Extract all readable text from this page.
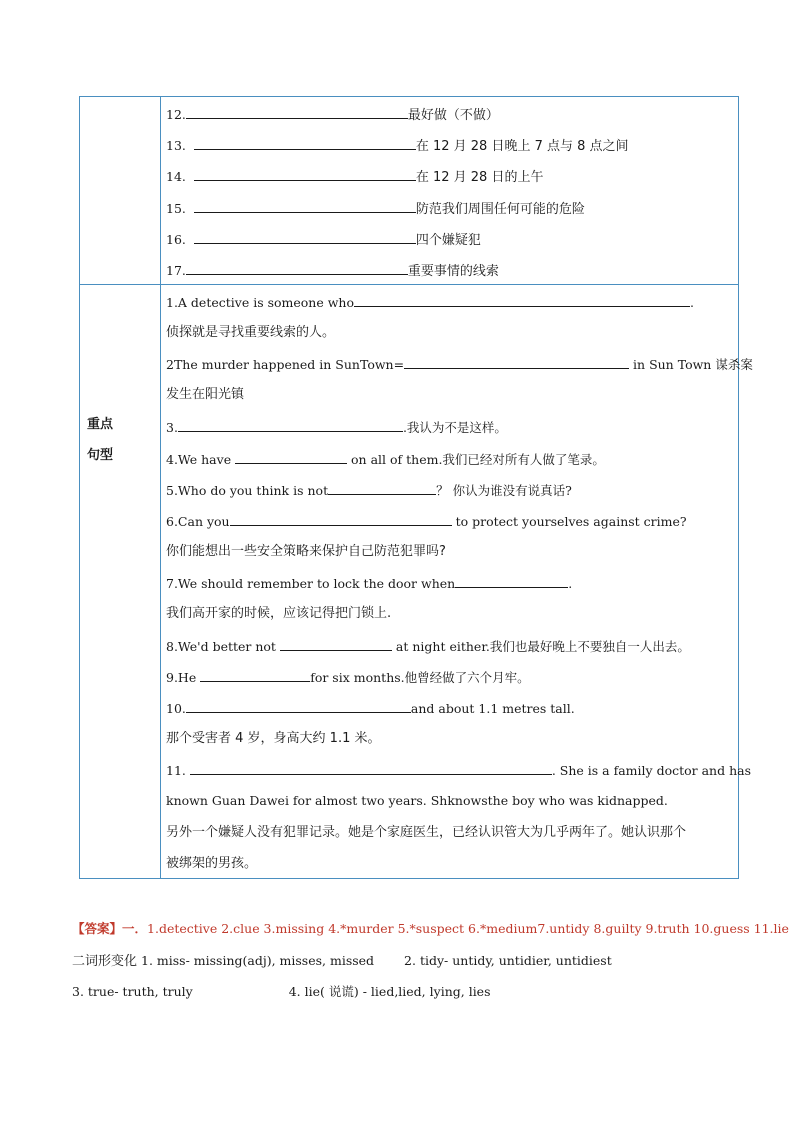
12.	最好做（不做）
13.	在 12 月 28 日晚上 7 点与 8 点之间
14.	在 12 月 28 日的上午
15.	防范我们周围任何可能的危险
16.	四个嫌疑犯
17.	重要事情的线索
重点
句型
1.A detective is someone who	.
侦探就是寻找重要线索的人。
2The murder happened in SunTown=	in Sun Town 谋杀案
发生在阳光镇
3.	.我认为不是这样。
4.We have	on all of them.我们已经对所有人做了笔录。
5.Who do you think is not	？ 你认为谁没有说真话?
6.Can you	to protect yourselves against crime?
你们能想出一些安全策略来保护自己防范犯罪吗?
7.We should remember to lock the door when	.
我们高开家的时候，应该记得把门锁上.
8.We'd better not	at night either.我们也最好晚上不要独自一人出去。
9.He	for six months.他曾经做了六个月牢。
10.	and about 1.1 metres tall.
那个受害者 4 岁，身高大约 1.1 米。
11.	. She is a family doctor and has
known Guan Dawei for almost two years. Shknowsthe boy who was kidnapped.
另外一个嫌疑人没有犯罪记录。她是个家庭医生，已经认识管大为几乎两年了。她认识那个
被绑架的男孩。
【答案】一．1.detective 2.clue 3.missing 4.*murder 5.*suspect 6.*medium7.untidy 8.guilty 9.truth 10.guess 11.lie
二词形变化 1. miss- missing(adj), misses, missed 2. tidy- untidy, untidier, untidiest
3. true- truth, truly	4. lie( 说谎) - lied,lied, lying, lies
